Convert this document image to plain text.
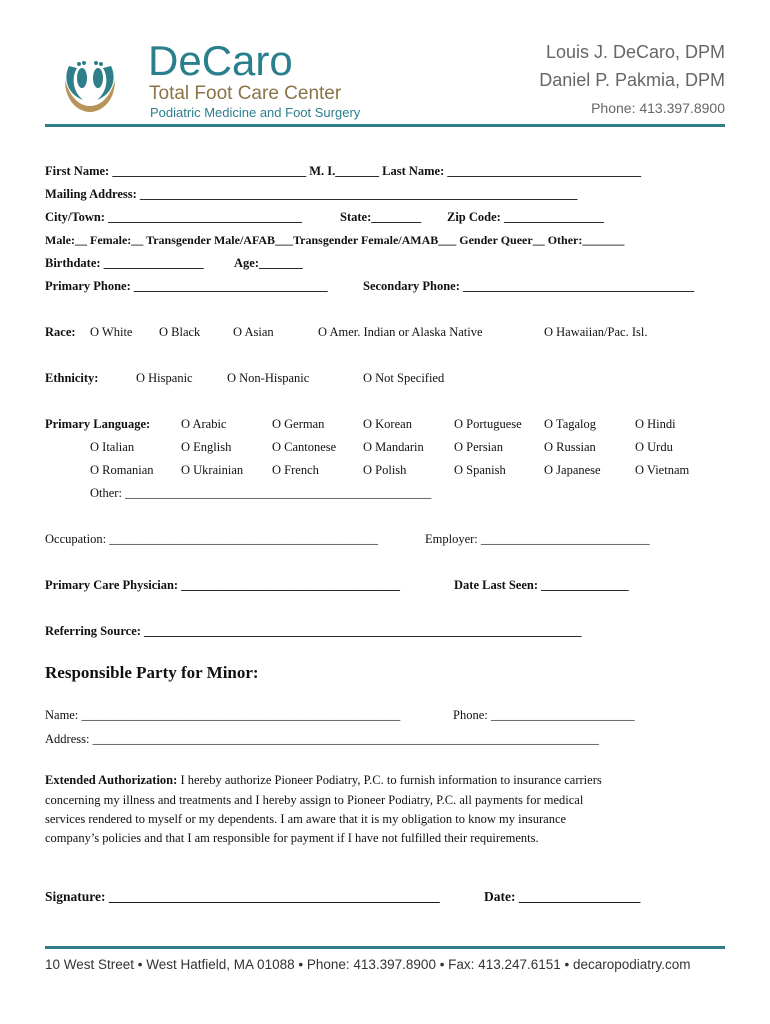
DeCaro
Total Foot Care Center
Podiatric Medicine and Foot Surgery
Louis J. DeCaro, DPM
Daniel P. Pakmia, DPM
Phone: 413.397.8900
First Name: _______________________________ M. I._______ Last Name: _______________________________
Mailing Address: ______________________________________________________________________
City/Town: _______________________________	State:________ Zip Code: ________________
Male:__ Female:__ Transgender Male/AFAB___Transgender Female/AMAB___ Gender Queer__ Other:_______
Birthdate: ________________ Age:_______
Primary Phone: _______________________________	Secondary Phone: _____________________________________
Race: O White O Black	O Asian	O Amer. Indian or Alaska Native	O Hawaiian/Pac. Isl.
Ethnicity:	O Hispanic	O Non-Hispanic	O Not Specified
Primary Language: O Arabic	O German	O Korean	O Portuguese O Tagalog	O Hindi
O Italian	O English	O Cantonese O Mandarin O Persian	O Russian	O Urdu
O Romanian O Ukrainian O French	O Polish	O Spanish	O Japanese	O Vietnam
Other: _________________________________________________
Occupation: ___________________________________________	Employer: ___________________________
Primary Care Physician: ___________________________________	Date Last Seen: ______________
Referring Source: ______________________________________________________________________
Responsible Party for Minor:
Name: ___________________________________________________	Phone: _______________________
Address: _________________________________________________________________________________
Extended Authorization: I hereby authorize Pioneer Podiatry, P.C. to furnish information to insurance carriers
concerning my illness and treatments and I hereby assign to Pioneer Podiatry, P.C. all payments for medical
services rendered to myself or my dependents. I am aware that it is my obligation to know my insurance
company’s policies and that I am responsible for payment if I have not fulfilled their requirements.
Signature: _________________________________________________	Date: __________________
10 West Street • West Hatfield, MA 01088 • Phone: 413.397.8900 • Fax: 413.247.6151 • decaropodiatry.com
